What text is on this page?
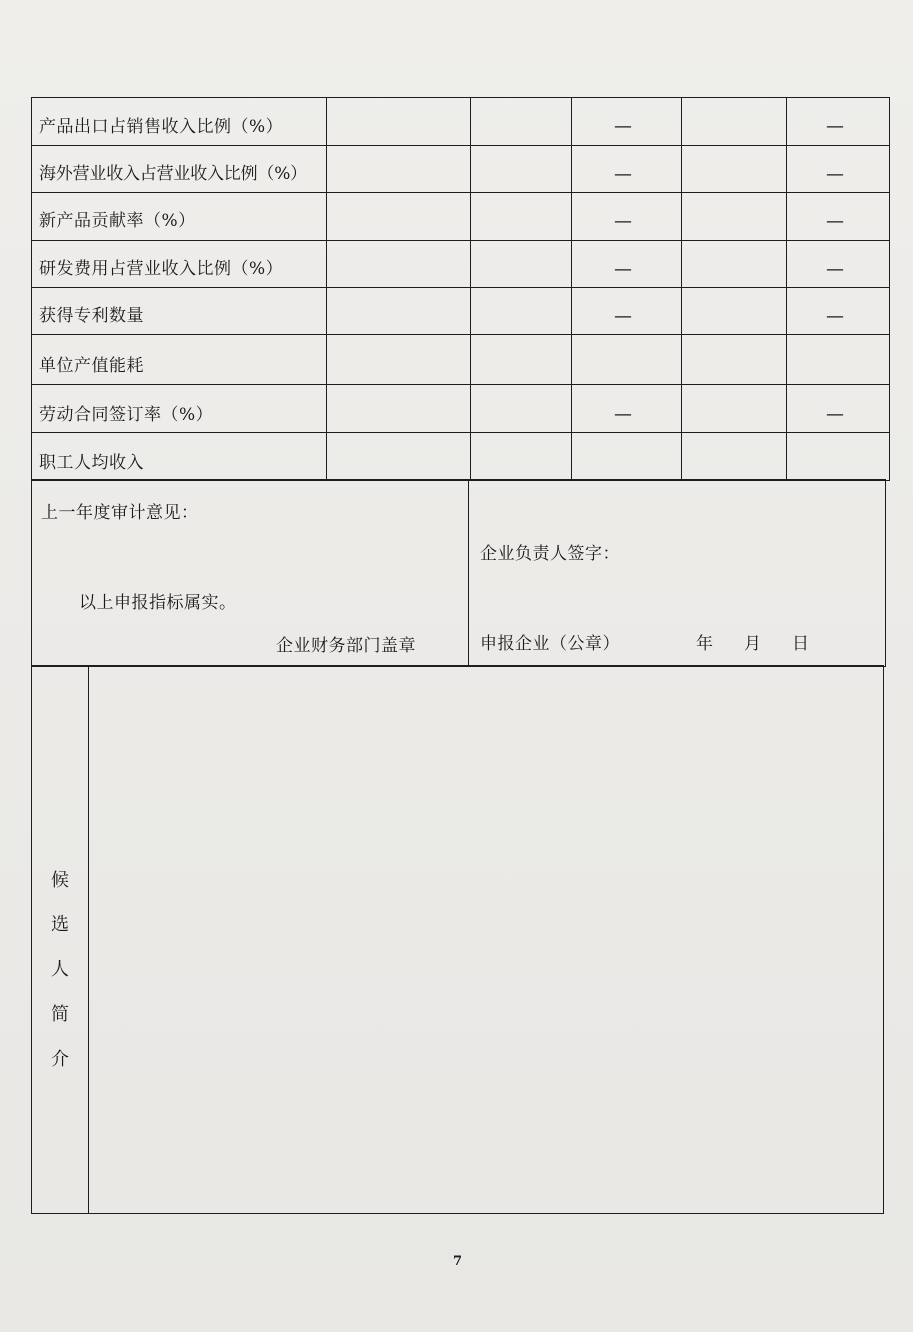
产品出口占销售收入比例（%）
海外营业收入占营业收入比例（%）
新产品贡献率（%）
研发费用占营业收入比例（%）
获得专利数量
单位产值能耗
劳动合同签订率（%）
职工人均收入
—
—
—
—
—
—
—
—
—
—
—
—
上一年度审计意见：
以上申报指标属实。
企业财务部门盖章
企业负责人签字：
申报企业（公章）	年 月 日
候
选
人
简
介
7
